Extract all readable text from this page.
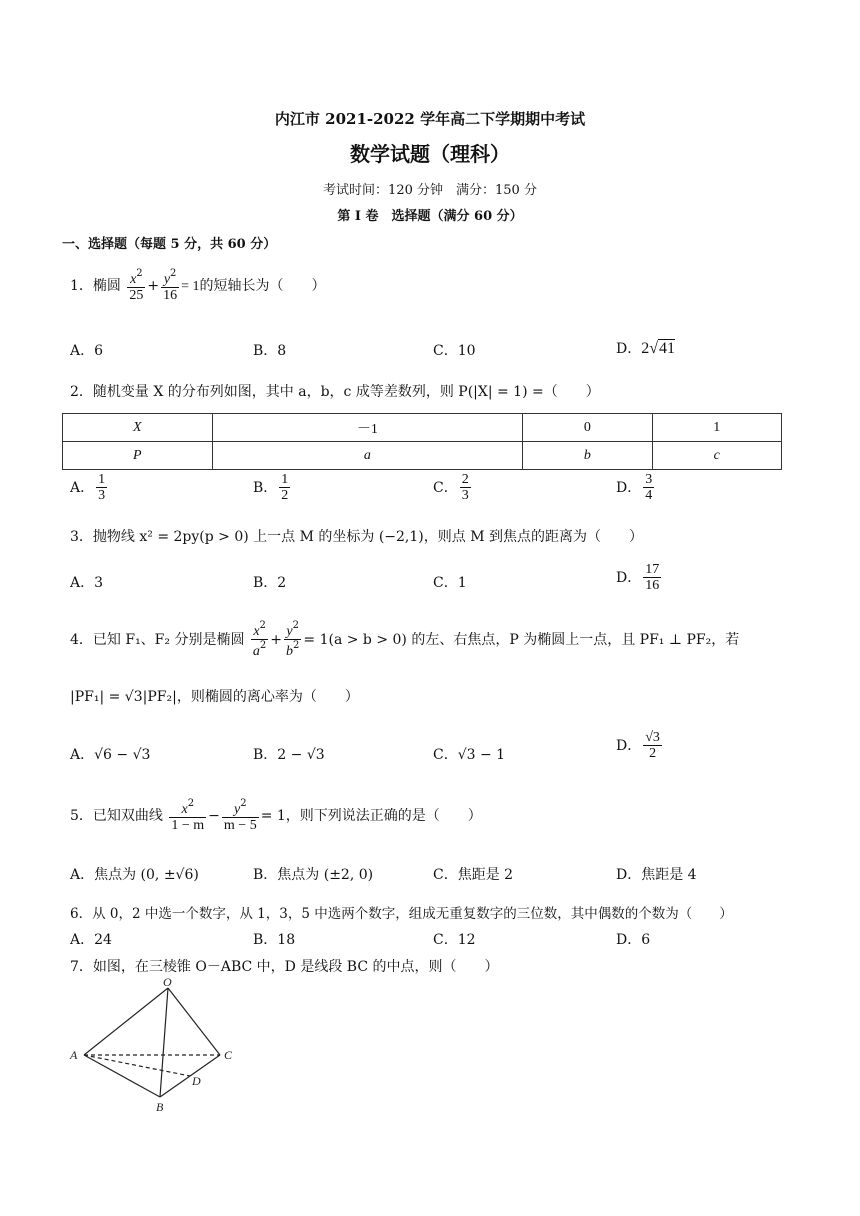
内江市 2021-2022 学年高二下学期期中考试
数学试题（理科）
考试时间：120 分钟　满分：150 分
第 I 卷　选择题（满分 60 分）
一、选择题（每题 5 分，共 60 分）
1．椭圆 $\frac{x^2}{25} + \frac{y^2}{16} = 1$的短轴长为（　　）
A．6	B．8	C．10	D．2√41
2．随机变量 X 的分布列如图，其中 a，b，c 成等差数列，则 P(|X| = 1) =（　　）
X	－1	0	1
P	a	b	c
A． $\frac{1}{3}$	B． $\frac{1}{2}$	C． $\frac{2}{3}$	D． $\frac{3}{4}$
3．抛物线 x² = 2py(p > 0) 上一点 M 的坐标为 (−2,1)，则点 M 到焦点的距离为（　　）
A．3	B．2	C．1	D． $\frac{17}{16}$
4．已知 F₁、F₂ 分别是椭圆 $\frac{x^2}{a^2} + \frac{y^2}{b^2} = 1(a > b > 0)$ 的左、右焦点，P 为椭圆上一点，且 PF₁ ⊥ PF₂，若
|PF₁| = √3|PF₂|，则椭圆的离心率为（　　）
A．√6 − √3	B．2 − √3	C．√3 − 1
D． $\frac{√3}{2}$
5．已知双曲线 $\frac{x^2}{1 - m} - \frac{y^2}{m - 5} = 1$，则下列说法正确的是（　　）
A．焦点为 (0, ±√6)	B．焦点为 (±2, 0)	C．焦距是 2	D．焦距是 4
6．从 0，2 中选一个数字，从 1，3，5 中选两个数字，组成无重复数字的三位数，其中偶数的个数为（　　）
A．24	B．18	C．12	D．6
7．如图，在三棱锥 O－ABC 中，D 是线段 BC 的中点，则（　　）
O
A
B
C
D
